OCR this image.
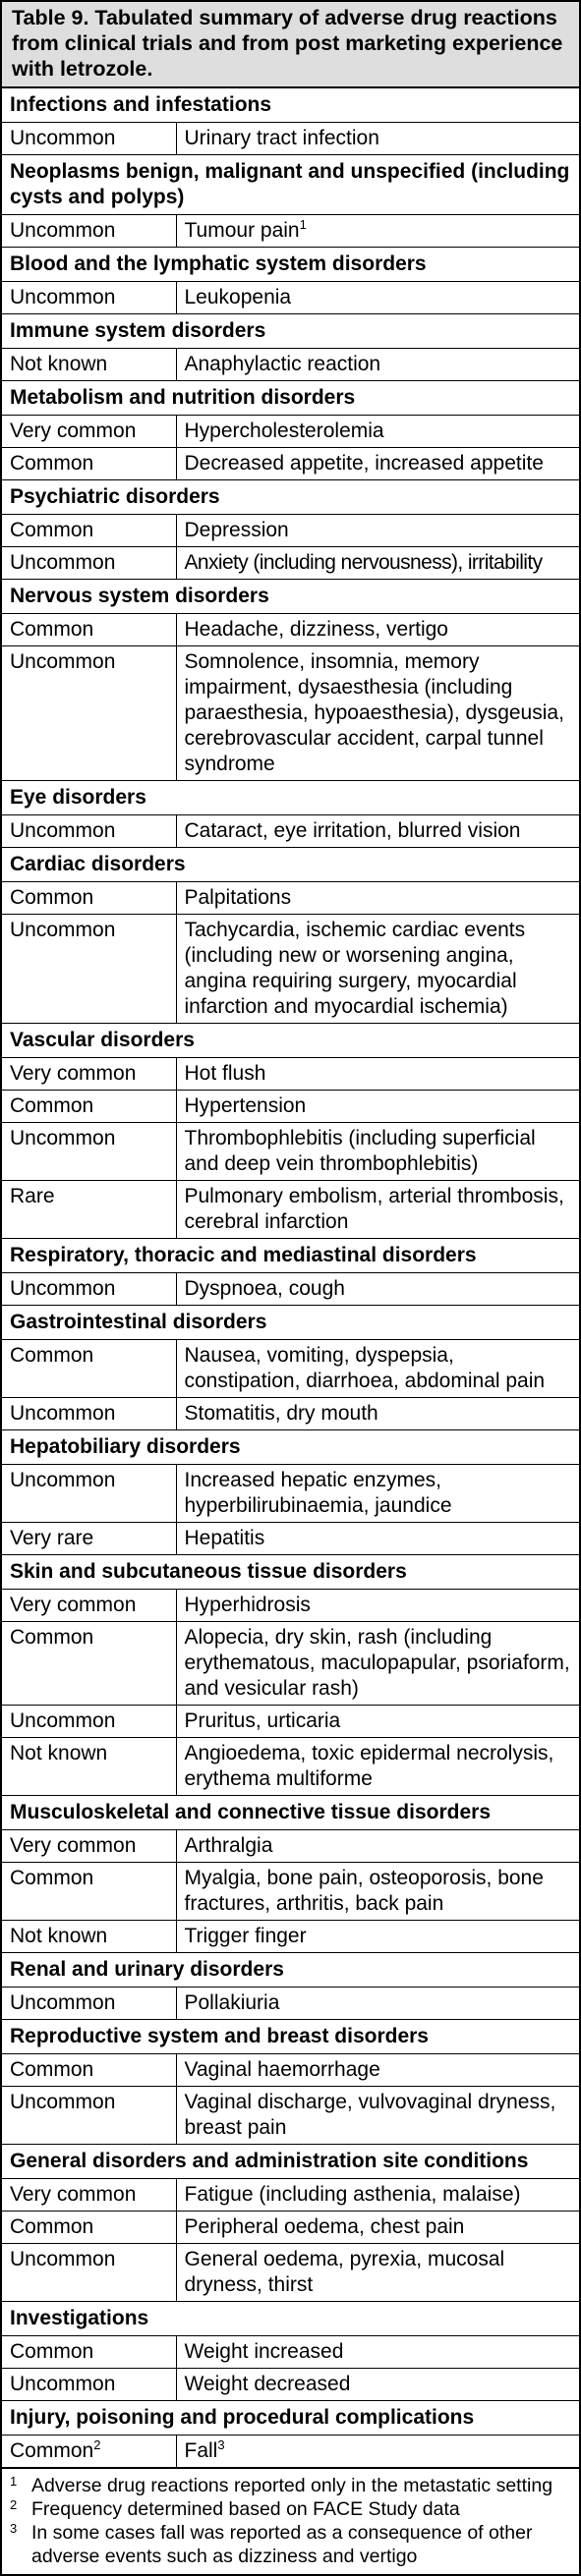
Table 9. Tabulated summary of adverse drug reactions from clinical trials and from post marketing experience with letrozole.
Infections and infestations	
Uncommon	Urinary tract infection
Neoplasms benign, malignant and unspecified (including cysts and polyps)	
Uncommon	Tumour pain$^1$
Blood and the lymphatic system disorders	
Uncommon	Leukopenia
Immune system disorders	
Not known	Anaphylactic reaction
Metabolism and nutrition disorders	
Very common	Hypercholesterolemia
Common	Decreased appetite, increased appetite
Psychiatric disorders	
Common	Depression
Uncommon	Anxiety (including nervousness), irritability
Nervous system disorders	
Common	Headache, dizziness, vertigo
Uncommon	Somnolence, insomnia, memory impairment, dysaesthesia (including paraesthesia, hypoaesthesia), dysgeusia, cerebrovascular accident, carpal tunnel syndrome
Eye disorders	
Uncommon	Cataract, eye irritation, blurred vision
Cardiac disorders	
Common	Palpitations
Uncommon	Tachycardia, ischemic cardiac events (including new or worsening angina, angina requiring surgery, myocardial infarction and myocardial ischemia)
Vascular disorders	
Very common	Hot flush
Common	Hypertension
Uncommon	Thrombophlebitis (including superficial and deep vein thrombophlebitis)
Rare	Pulmonary embolism, arterial thrombosis, cerebral infarction
Respiratory, thoracic and mediastinal disorders	
Uncommon	Dyspnoea, cough
Gastrointestinal disorders	
Common	Nausea, vomiting, dyspepsia, constipation, diarrhoea, abdominal pain
Uncommon	Stomatitis, dry mouth
Hepatobiliary disorders	
Uncommon	Increased hepatic enzymes, hyperbilirubinaemia, jaundice
Very rare	Hepatitis
Skin and subcutaneous tissue disorders	
Very common	Hyperhidrosis
Common	Alopecia, dry skin, rash (including erythematous, maculopapular, psoriaform, and vesicular rash)
Uncommon	Pruritus, urticaria
Not known	Angioedema, toxic epidermal necrolysis, erythema multiforme
Musculoskeletal and connective tissue disorders	
Very common	Arthralgia
Common	Myalgia, bone pain, osteoporosis, bone fractures, arthritis, back pain
Not known	Trigger finger
Renal and urinary disorders	
Uncommon	Pollakiuria
Reproductive system and breast disorders	
Common	Vaginal haemorrhage
Uncommon	Vaginal discharge, vulvovaginal dryness, breast pain
General disorders and administration site conditions	
Very common	Fatigue (including asthenia, malaise)
Common	Peripheral oedema, chest pain
Uncommon	General oedema, pyrexia, mucosal dryness, thirst
Investigations	
Common	Weight increased
Uncommon	Weight decreased
Injury, poisoning and procedural complications	
Common$^2$	Fall$^3$
1 Adverse drug reactions reported only in the metastatic setting
2 Frequency determined based on FACE Study data
3 In some cases fall was reported as a consequence of other adverse events such as dizziness and vertigo
